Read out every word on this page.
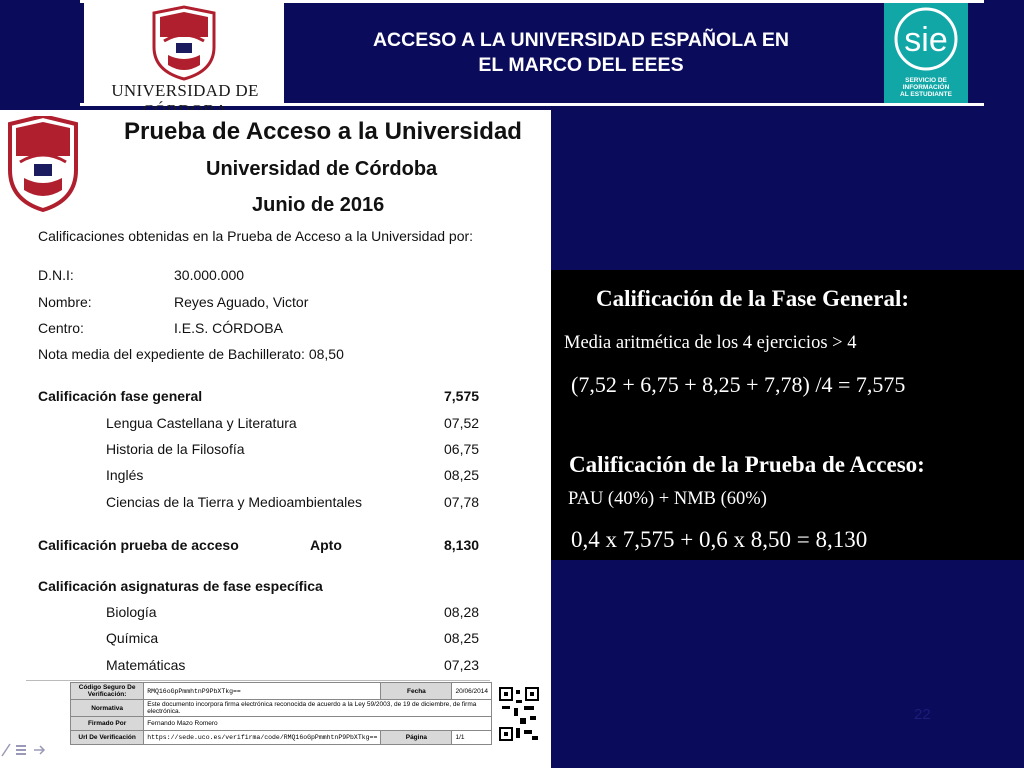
UNIVERSIDAD DE
ACCESO A LA UNIVERSIDAD ESPAÑOLA EN
EL MARCO DEL EEES
sie
SERVICIO DE
INFORMACIÓN
AL ESTUDIANTE
Prueba de Acceso a la Universidad
Universidad de Córdoba
Junio de 2016
Calificaciones obtenidas en la Prueba de Acceso a la Universidad por:
D.N.I:	30.000.000
Nombre:	Reyes Aguado, Victor
Centro:	I.E.S. CÓRDOBA
Nota media del expediente de Bachillerato: 08,50
Calificación fase general	7,575
Lengua Castellana y Literatura	07,52
Historia de la Filosofía	06,75
Inglés	08,25
Ciencias de la Tierra y Medioambientales	07,78
Calificación prueba de acceso	Apto	8,130
Calificación asignaturas de fase específica
Biología	08,28
Química	08,25
Matemáticas	07,23
Código Seguro De Verificación:	RMQ16oGpPmmhtnP9PbXTkg==	Fecha	20/06/2014
Normativa	Este documento incorpora firma electrónica reconocida de acuerdo a la Ley 59/2003, de 19 de diciembre, de firma electrónica.		
Firmado Por	Fernando Mazo Romero		
Url De Verificación	https://sede.uco.es/verifirma/code/RMQ16oGpPmmhtnP9PbXTkg==	Página	1/1
Calificación de la Fase General:
Media aritmética de los 4 ejercicios > 4
(7,52 + 6,75 + 8,25 + 7,78) /4 = 7,575
Calificación de la Prueba de Acceso:
PAU (40%) + NMB (60%)
0,4 x 7,575 + 0,6 x 8,50 = 8,130
22
